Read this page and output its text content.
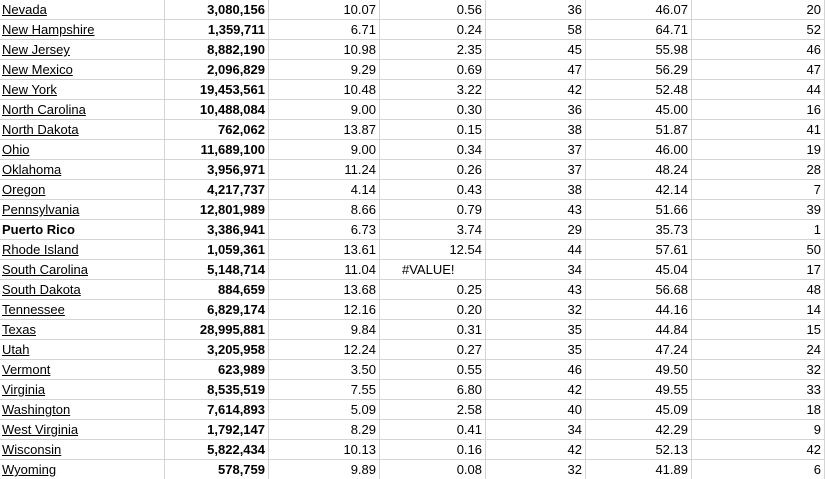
Nevada	3,080,156	10.07	0.56	36	46.07	20
New Hampshire	1,359,711	6.71	0.24	58	64.71	52
New Jersey	8,882,190	10.98	2.35	45	55.98	46
New Mexico	2,096,829	9.29	0.69	47	56.29	47
New York	19,453,561	10.48	3.22	42	52.48	44
North Carolina	10,488,084	9.00	0.30	36	45.00	16
North Dakota	762,062	13.87	0.15	38	51.87	41
Ohio	11,689,100	9.00	0.34	37	46.00	19
Oklahoma	3,956,971	11.24	0.26	37	48.24	28
Oregon	4,217,737	4.14	0.43	38	42.14	7
Pennsylvania	12,801,989	8.66	0.79	43	51.66	39
Puerto Rico	3,386,941	6.73	3.74	29	35.73	1
Rhode Island	1,059,361	13.61	12.54	44	57.61	50
South Carolina	5,148,714	11.04	#VALUE!	34	45.04	17
South Dakota	884,659	13.68	0.25	43	56.68	48
Tennessee	6,829,174	12.16	0.20	32	44.16	14
Texas	28,995,881	9.84	0.31	35	44.84	15
Utah	3,205,958	12.24	0.27	35	47.24	24
Vermont	623,989	3.50	0.55	46	49.50	32
Virginia	8,535,519	7.55	6.80	42	49.55	33
Washington	7,614,893	5.09	2.58	40	45.09	18
West Virginia	1,792,147	8.29	0.41	34	42.29	9
Wisconsin	5,822,434	10.13	0.16	42	52.13	42
Wyoming	578,759	9.89	0.08	32	41.89	6
